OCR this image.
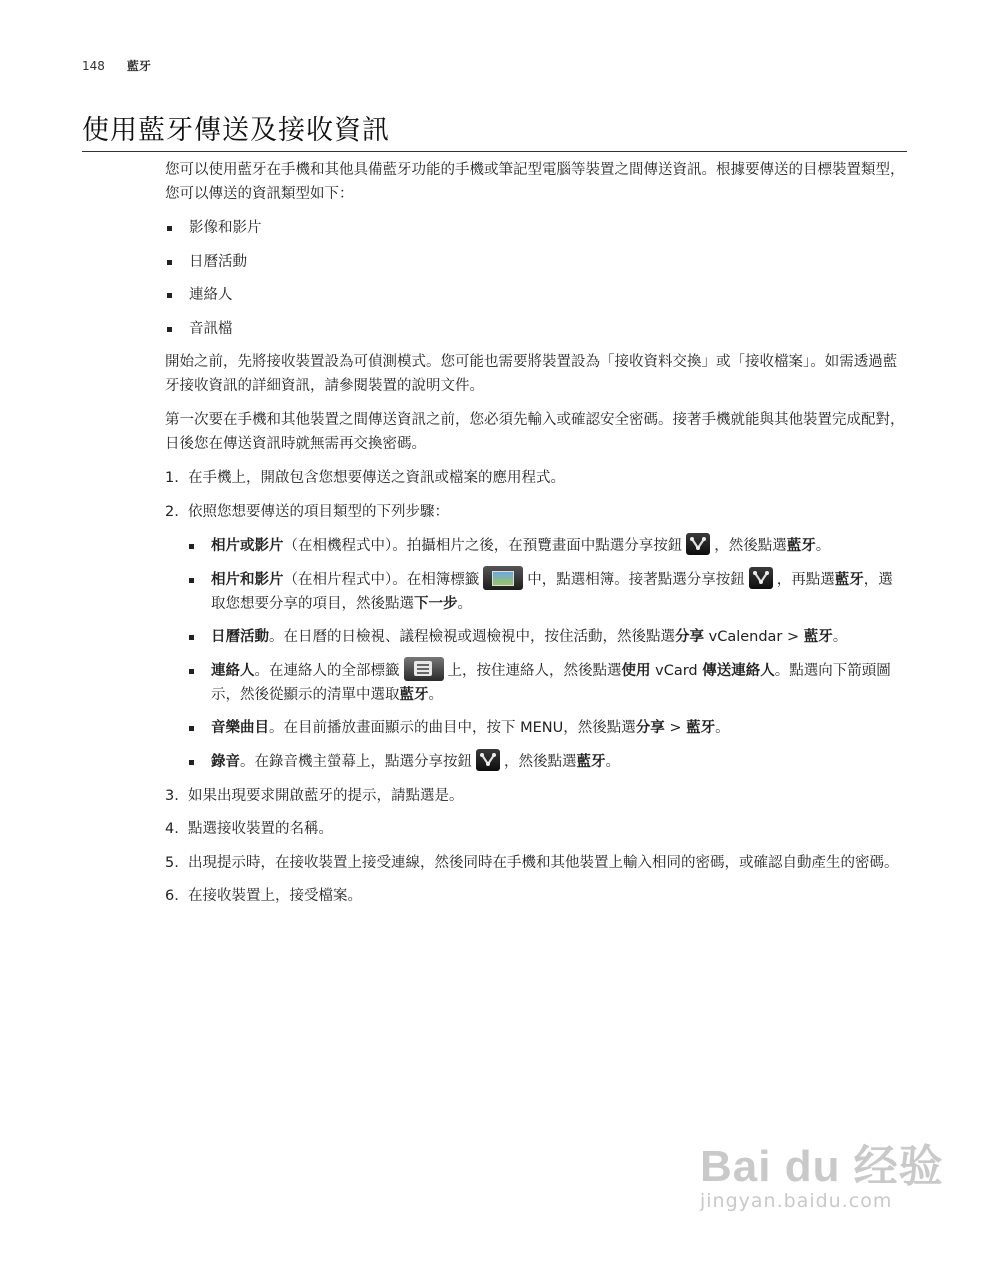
148 藍牙
使用藍牙傳送及接收資訊

您可以使用藍牙在手機和其他具備藍牙功能的手機或筆記型電腦等裝置之間傳送資訊。根據要傳送的目標裝置類型，您可以傳送的資訊類型如下：

影像和影片
日曆活動
連絡人
音訊檔

開始之前，先將接收裝置設為可偵測模式。您可能也需要將裝置設為「接收資料交換」或「接收檔案」。如需透過藍牙接收資訊的詳細資訊，請參閱裝置的說明文件。

第一次要在手機和其他裝置之間傳送資訊之前，您必須先輸入或確認安全密碼。接著手機就能與其他裝置完成配對，日後您在傳送資訊時就無需再交換密碼。

1. 在手機上，開啟包含您想要傳送之資訊或檔案的應用程式。
2. 依照您想要傳送的項目類型的下列步驟：
相片或影片（在相機程式中）。拍攝相片之後，在預覽畫面中點選分享按鈕 ，然後點選藍牙。
相片和影片（在相片程式中）。在相簿標籤	中，點選相簿。接著點選分享按鈕 ，再點選藍牙，選取您想要分享的項目，然後點選下一步。
日曆活動。在日曆的日檢視、議程檢視或週檢視中，按住活動，然後點選分享 vCalendar > 藍牙。
連絡人。在連絡人的全部標籤	上，按住連絡人，然後點選使用 vCard 傳送連絡人。點選向下箭頭圖示，然後從顯示的清單中選取藍牙。
音樂曲目。在目前播放畫面顯示的曲目中，按下 MENU，然後點選分享 > 藍牙。
錄音。在錄音機主螢幕上，點選分享按鈕 ，然後點選藍牙。
3. 如果出現要求開啟藍牙的提示，請點選是。
4. 點選接收裝置的名稱。
5. 出現提示時，在接收裝置上接受連線，然後同時在手機和其他裝置上輸入相同的密碼，或確認自動產生的密碼。
6. 在接收裝置上，接受檔案。
Bai du 经验
jingyan.baidu.com
